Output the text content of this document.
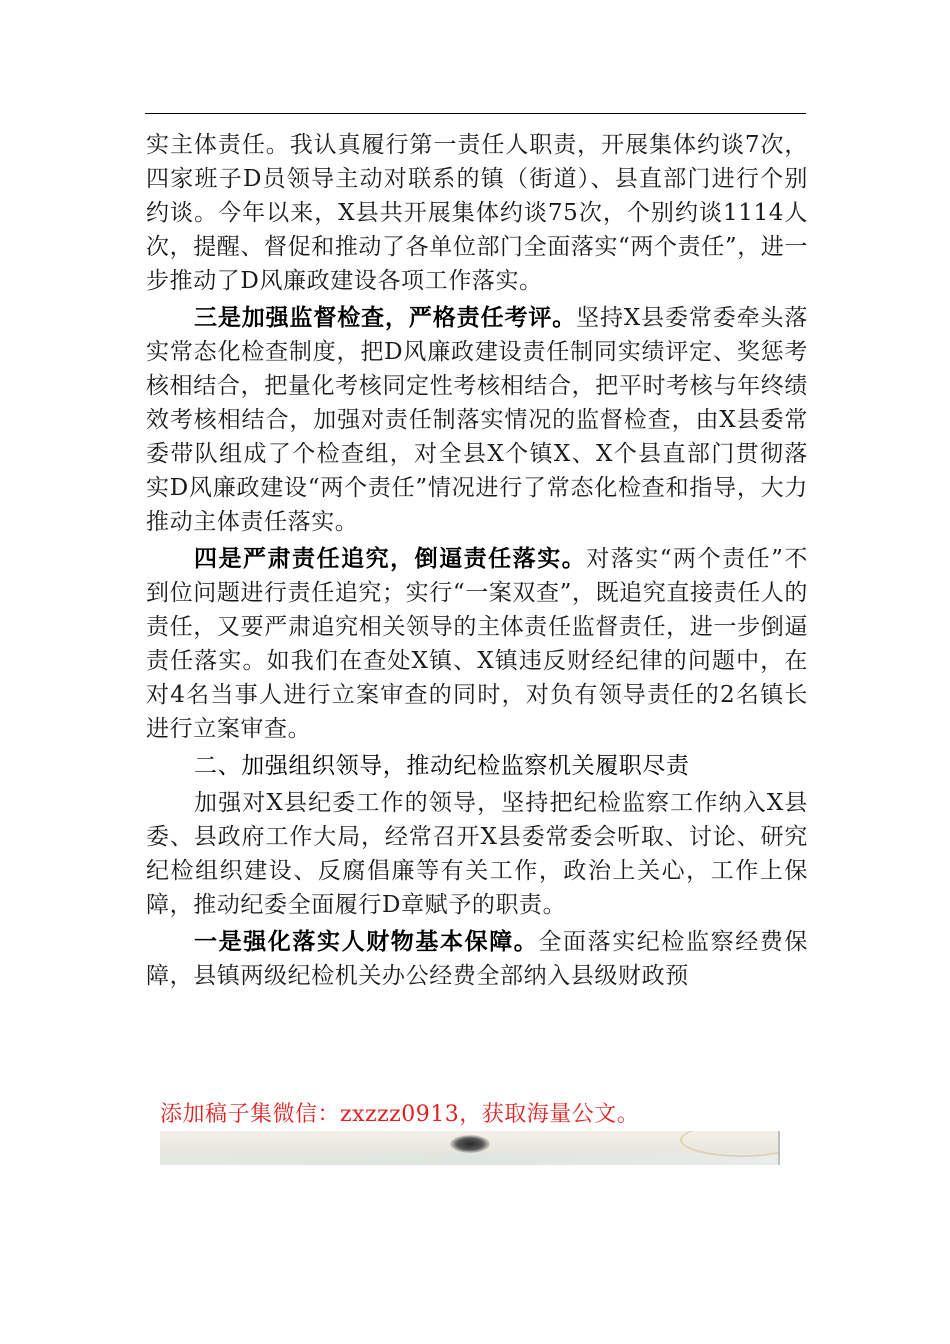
实主体责任。我认真履行第一责任人职责，开展集体约谈7次，四家班子D员领导主动对联系的镇（街道）、县直部门进行个别约谈。今年以来，X县共开展集体约谈75次，个别约谈1114人次，提醒、督促和推动了各单位部门全面落实“两个责任”，进一步推动了D风廉政建设各项工作落实。

三是加强监督检查，严格责任考评。坚持X县委常委牵头落实常态化检查制度，把D风廉政建设责任制同实绩评定、奖惩考核相结合，把量化考核同定性考核相结合，把平时考核与年终绩效考核相结合，加强对责任制落实情况的监督检查，由X县委常委带队组成了个检查组，对全县X个镇X、X个县直部门贯彻落实D风廉政建设“两个责任”情况进行了常态化检查和指导，大力推动主体责任落实。

四是严肃责任追究，倒逼责任落实。对落实“两个责任”不到位问题进行责任追究；实行“一案双查”，既追究直接责任人的责任，又要严肃追究相关领导的主体责任监督责任，进一步倒逼责任落实。如我们在查处X镇、X镇违反财经纪律的问题中，在对4名当事人进行立案审查的同时，对负有领导责任的2名镇长进行立案审查。

二、加强组织领导，推动纪检监察机关履职尽责

加强对X县纪委工作的领导，坚持把纪检监察工作纳入X县委、县政府工作大局，经常召开X县委常委会听取、讨论、研究纪检组织建设、反腐倡廉等有关工作，政治上关心，工作上保障，推动纪委全面履行D章赋予的职责。

一是强化落实人财物基本保障。全面落实纪检监察经费保障，县镇两级纪检机关办公经费全部纳入县级财政预

添加稿子集微信：zxzzz0913，获取海量公文。
